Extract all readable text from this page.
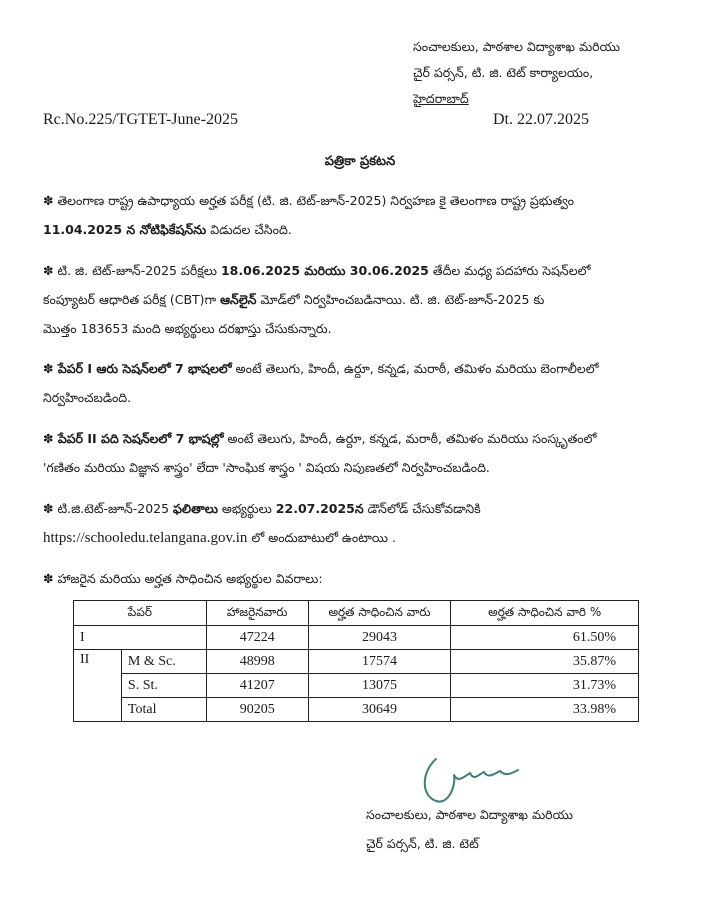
సంచాలకులు, పాఠశాల విద్యాశాఖ మరియు
చైర్ పర్సన్, టి. జి. టెట్ కార్యాలయం,
హైదరాబాద్
Rc.No.225/TGTET-June-2025	Dt. 22.07.2025
పత్రికా ప్రకటన
✽ తెలంగాణ రాష్ట్ర ఉపాధ్యాయ అర్హత పరీక్ష (టి. జి. టెట్-జూన్-2025) నిర్వహణ కై తెలంగాణ రాష్ట్ర ప్రభుత్వం
11.04.2025 న నోటిఫికేషన్‌ను విడుదల చేసింది.
✽ టి. జి. టెట్-జూన్-2025 పరీక్షలు 18.06.2025 మరియు 30.06.2025 తేదీల మధ్య పదహారు సెషన్‌లలో
కంప్యూటర్ ఆధారిత పరీక్ష (CBT)గా ఆన్‌లైన్ మోడ్‌లో నిర్వహించబడినాయి. టి. జి. టెట్-జూన్-2025 కు
మొత్తం 183653 మంది అభ్యర్థులు దరఖాస్తు చేసుకున్నారు.
✽ పేపర్ I ఆరు సెషన్‌లలో 7 భాషలలో అంటే తెలుగు, హిందీ, ఉర్దూ, కన్నడ, మరాఠీ, తమిళం మరియు బెంగాలీలలో
నిర్వహించబడింది.
✽ పేపర్ II పది సెషన్‌లలో 7 భాషల్లో అంటే తెలుగు, హిందీ, ఉర్దూ, కన్నడ, మరాఠీ, తమిళం మరియు సంస్కృతంలో
'గణితం మరియు విజ్ఞాన శాస్త్రం' లేదా 'సాంఘిక శాస్త్రం ' విషయ నిపుణతలో నిర్వహించబడింది.
✽ టి.జి.టెట్-జూన్-2025 ఫలితాలు అభ్యర్థులు 22.07.2025న డౌన్‌లోడ్ చేసుకోవడానికి
https://schooledu.telangana.gov.in లో అందుబాటులో ఉంటాయి .
✽ హాజరైన మరియు అర్హత సాధించిన అభ్యర్థుల వివరాలు:
పేపర్		హాజరైనవారు	అర్హత సాధించిన వారు	అర్హత సాధించిన వారి %
I		47224	29043	61.50%
II	M & Sc.	48998	17574	35.87%
	S. St.	41207	13075	31.73%
	Total	90205	30649	33.98%
సంచాలకులు, పాఠశాల విద్యాశాఖ మరియు
చైర్ పర్సన్, టి. జి. టెట్
